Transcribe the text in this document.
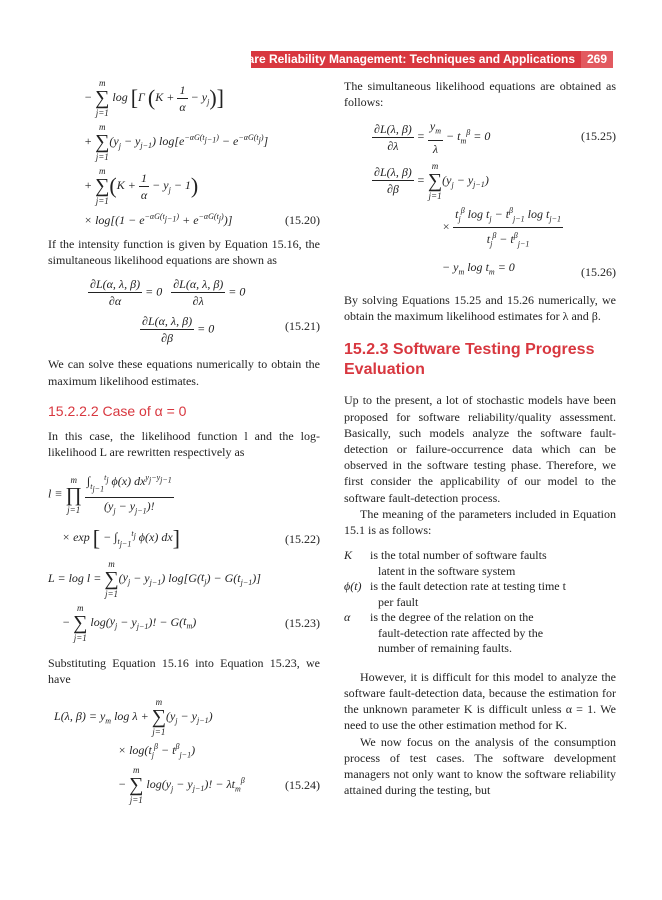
Software Reliability Management: Techniques and Applications 269
− m
∑
j=1 log [Γ $(K + \frac{1}{\alpha} - y_j)$]
+ m
∑
$j=1(y_j - y_{j-1}) \log[e^{-\alpha G(t_{j-1})} - e^{-\alpha G(t_j)}]$
+ m
∑
$j=1(K + \frac{1}{\alpha} - y_j - 1)$
× $\log[(1 - e^{-\alpha G(t_{j-1})} + e^{-\alpha G(t_j)})]$	(15.20)

If the intensity function is given by Equation 15.16, the simultaneous likelihood equations are shown as

$\frac{\partial L(\alpha, \lambda, \beta)}{\partial\alpha} = 0 \frac{\partial L(\alpha, \lambda, \beta)}{\partial\lambda} = 0$
$\frac{\partial L(\alpha, \lambda, \beta)}{\partial\beta} = 0$	(15.21)

We can solve these equations numerically to obtain the maximum likelihood estimates.

15.2.2.2 Case of α = 0

In this case, the likelihood function l and the log-likelihood L are rewritten respectively as

l ≡ m
∏
$j=1 \frac{\int_{t_{j-1}}^{t_j} \phi(x) dx^{y_j-y_{j-1}}}{(y_j - y_{j-1})!}$
× exp [ − $\int_{t_{j-1}}^{t_j}$ ϕ(x) dx]	(15.22)
L = log l = m
∑
$j=1(y_j - y_{j-1}) \log[G(t_j) - G(t_{j-1})]$
− m
∑
j=1 $\log(y_j - y_{j-1})$! − $G(t_m)$	(15.23)

Substituting Equation 15.16 into Equation 15.23, we have

L(λ, $\beta) = y_m$ log λ + m
∑
$j=1(y_j - y_{j-1})$
× $\log(t_j^\beta - t^\beta_{j-1})$
− m
∑
j=1 $\log(y_j - y_{j-1})$! − $\lambda t_m^\beta$	(15.24)

The simultaneous likelihood equations are obtained as follows:

$\frac{\partial L(\lambda, \beta)}{\partial\lambda} = \frac{y_m}{\lambda} - t_m^\beta = 0$	(15.25)
$\frac{\partial L(\lambda, \beta)}{\partial\beta} = m$
∑
$j=1(y_j - y_{j-1})$
× $\frac{t_j^\beta \log t_j - t^\beta_{j-1} \log t_{j-1}}{t_j^\beta - t^\beta_{j-1}}$
− $y_m$ $\log t_m = 0$	(15.26)

By solving Equations 15.25 and 15.26 numerically, we obtain the maximum likelihood estimates for λ and β.

15.2.3 Software Testing Progress Evaluation

Up to the present, a lot of stochastic models have been proposed for software reliability/quality assessment. Basically, such models analyze the software fault-detection or failure-occurrence data which can be observed in the software testing phase. Therefore, we first consider the applicability of our model to the software fault-detection process.

The meaning of the parameters included in Equation 15.1 is as follows:

K	is the total number of software faults
latent in the software system
ϕ(t) is the fault detection rate at testing time t
per fault
α	is the degree of the relation on the
fault-detection rate affected by the
number of remaining faults.

However, it is difficult for this model to analyze the software fault-detection data, because the estimation for the unknown parameter K is difficult unless α = 1. We need to use the other estimation method for K.

We now focus on the analysis of the consumption process of test cases. The software development managers not only want to know the software reliability attained during the testing, but
